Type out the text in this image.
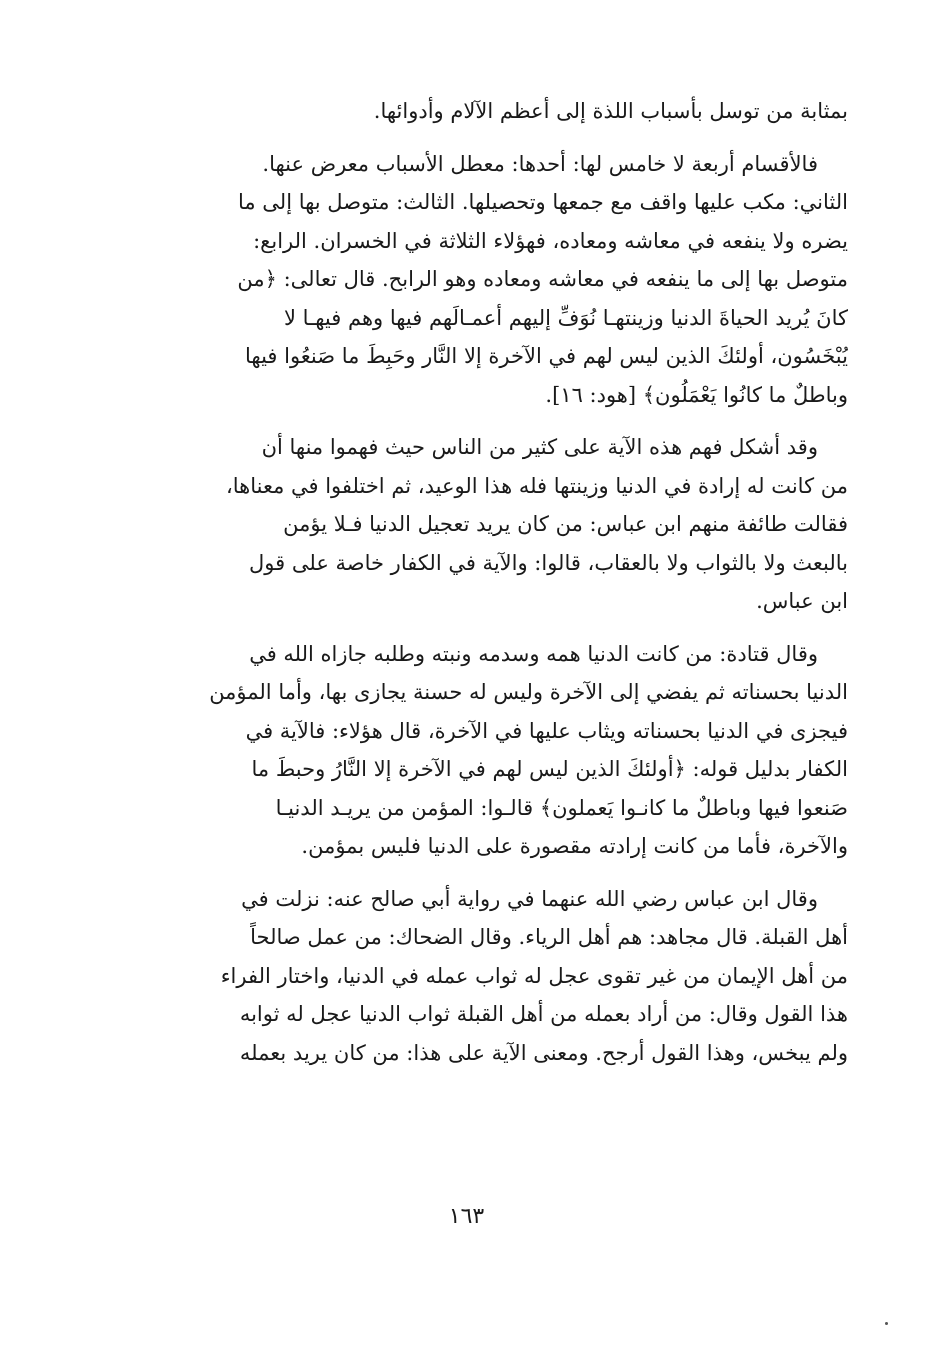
بمثابة من توسل بأسباب اللذة إلى أعظم الآلام وأدوائها.
فالأقسام أربعة لا خامس لها: أحدها: معطل الأسباب معرض عنها.
الثاني: مكب عليها واقف مع جمعها وتحصيلها. الثالث: متوصل بها إلى ما
يضره ولا ينفعه في معاشه ومعاده، فهؤلاء الثلاثة في الخسران. الرابع:
متوصل بها إلى ما ينفعه في معاشه ومعاده وهو الرابح. قال تعالى: ﴿من
كانَ يُريد الحياةَ الدنيا وزينتهـا نُوَفِّ إليهم أعمـالَهم فيها وهم فيهـا لا
يُبْخَسُون، أولئكَ الذين ليس لهم في الآخرة إلا النَّار وحَبِطَ ما صَنعُوا فيها
وباطلٌ ما كانُوا يَعْمَلُون﴾ [هود: ١٦].
وقد أشكل فهم هذه الآية على كثير من الناس حيث فهموا منها أن
من كانت له إرادة في الدنيا وزينتها فله هذا الوعيد، ثم اختلفوا في معناها،
فقالت طائفة منهم ابن عباس: من كان يريد تعجيل الدنيا فـلا يؤمن
بالبعث ولا بالثواب ولا بالعقاب، قالوا: والآية في الكفار خاصة على قول
ابن عباس.
وقال قتادة: من كانت الدنيا همه وسدمه ونبته وطلبه جازاه الله في
الدنيا بحسناته ثم يفضي إلى الآخرة وليس له حسنة يجازى بها، وأما المؤمن
فيجزى في الدنيا بحسناته ويثاب عليها في الآخرة، قال هؤلاء: فالآية في
الكفار بدليل قوله: ﴿أولئكَ الذين ليس لهم في الآخرة إلا النَّارُ وحبطَ ما
صَنعوا فيها وباطلٌ ما كانـوا يَعملون﴾ قالـوا: المؤمن من يريـد الدنيـا
والآخرة، فأما من كانت إرادته مقصورة على الدنيا فليس بمؤمن.
وقال ابن عباس رضي الله عنهما في رواية أبي صالح عنه: نزلت في
أهل القبلة. قال مجاهد: هم أهل الرياء. وقال الضحاك: من عمل صالحاً
من أهل الإيمان من غير تقوى عجل له ثواب عمله في الدنيا، واختار الفراء
هذا القول وقال: من أراد بعمله من أهل القبلة ثواب الدنيا عجل له ثوابه
ولم يبخس، وهذا القول أرجح. ومعنى الآية على هذا: من كان يريد بعمله
١٦٣
